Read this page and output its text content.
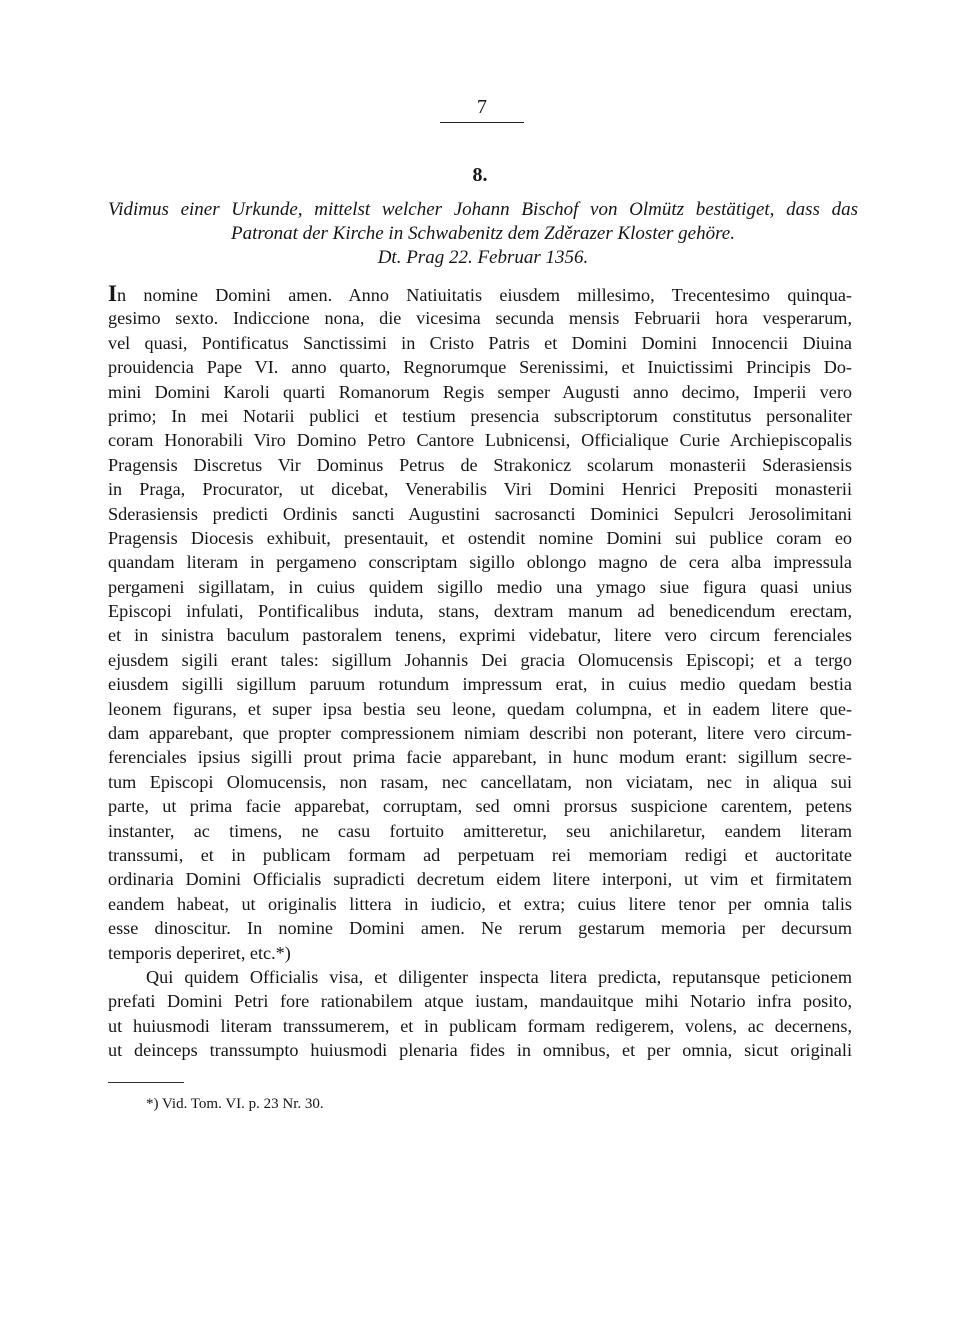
7
8.
Vidimus einer Urkunde, mittelst welcher Johann Bischof von Olmütz bestätiget, dass das
Patronat der Kirche in Schwabenitz dem Zděrazer Kloster gehöre.
Dt. Prag 22. Februar 1356.
In nomine Domini amen. Anno Natiuitatis eiusdem millesimo, Trecentesimo quinqua-
gesimo sexto. Indiccione nona, die vicesima secunda mensis Februarii hora vesperarum,
vel quasi, Pontificatus Sanctissimi in Cristo Patris et Domini Domini Innocencii Diuina
prouidencia Pape VI. anno quarto, Regnorumque Serenissimi, et Inuictissimi Principis Do-
mini Domini Karoli quarti Romanorum Regis semper Augusti anno decimo, Imperii vero
primo; In mei Notarii publici et testium presencia subscriptorum constitutus personaliter
coram Honorabili Viro Domino Petro Cantore Lubnicensi, Officialique Curie Archiepiscopalis
Pragensis Discretus Vir Dominus Petrus de Strakonicz scolarum monasterii Sderasiensis
in Praga, Procurator, ut dicebat, Venerabilis Viri Domini Henrici Prepositi monasterii
Sderasiensis predicti Ordinis sancti Augustini sacrosancti Dominici Sepulcri Jerosolimitani
Pragensis Diocesis exhibuit, presentauit, et ostendit nomine Domini sui publice coram eo
quandam literam in pergameno conscriptam sigillo oblongo magno de cera alba impressula
pergameni sigillatam, in cuius quidem sigillo medio una ymago siue figura quasi unius
Episcopi infulati, Pontificalibus induta, stans, dextram manum ad benedicendum erectam,
et in sinistra baculum pastoralem tenens, exprimi videbatur, litere vero circum ferenciales
ejusdem sigili erant tales: sigillum Johannis Dei gracia Olomucensis Episcopi; et a tergo
eiusdem sigilli sigillum paruum rotundum impressum erat, in cuius medio quedam bestia
leonem figurans, et super ipsa bestia seu leone, quedam columpna, et in eadem litere que-
dam apparebant, que propter compressionem nimiam describi non poterant, litere vero circum-
ferenciales ipsius sigilli prout prima facie apparebant, in hunc modum erant: sigillum secre-
tum Episcopi Olomucensis, non rasam, nec cancellatam, non viciatam, nec in aliqua sui
parte, ut prima facie apparebat, corruptam, sed omni prorsus suspicione carentem, petens
instanter, ac timens, ne casu fortuito amitteretur, seu anichilaretur, eandem literam
transsumi, et in publicam formam ad perpetuam rei memoriam redigi et auctoritate
ordinaria Domini Officialis supradicti decretum eidem litere interponi, ut vim et firmitatem
eandem habeat, ut originalis littera in iudicio, et extra; cuius litere tenor per omnia talis
esse dinoscitur. In nomine Domini amen. Ne rerum gestarum memoria per decursum
temporis deperiret, etc.*)
Qui quidem Officialis visa, et diligenter inspecta litera predicta, reputansque peticionem
prefati Domini Petri fore rationabilem atque iustam, mandauitque mihi Notario infra posito,
ut huiusmodi literam transsumerem, et in publicam formam redigerem, volens, ac decernens,
ut deinceps transsumpto huiusmodi plenaria fides in omnibus, et per omnia, sicut originali
*) Vid. Tom. VI. p. 23 Nr. 30.
